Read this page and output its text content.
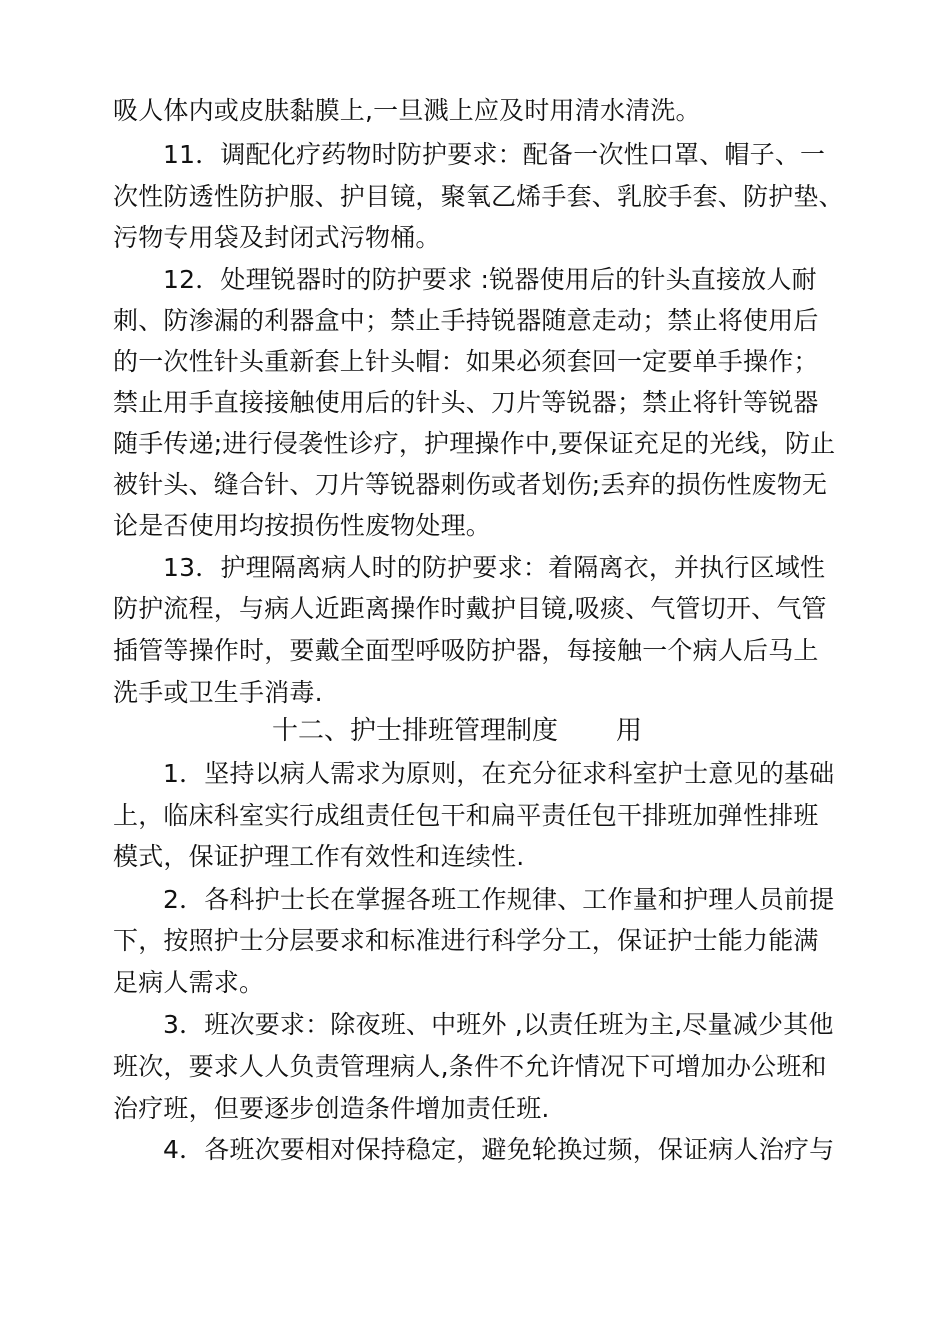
吸人体内或皮肤黏膜上,一旦溅上应及时用清水清洗。
11．调配化疗药物时防护要求：配备一次性口罩、帽子、一
次性防透性防护服、护目镜，聚氧乙烯手套、乳胶手套、防护垫、
污物专用袋及封闭式污物桶。
12．处理锐器时的防护要求 :锐器使用后的针头直接放人耐
刺、防渗漏的利器盒中；禁止手持锐器随意走动；禁止将使用后
的一次性针头重新套上针头帽：如果必须套回一定要单手操作；
禁止用手直接接触使用后的针头、刀片等锐器；禁止将针等锐器
随手传递;进行侵袭性诊疗，护理操作中,要保证充足的光线，防止
被针头、缝合针、刀片等锐器刺伤或者划伤;丢弃的损伤性废物无
论是否使用均按损伤性废物处理。
13．护理隔离病人时的防护要求：着隔离衣，并执行区域性
防护流程，与病人近距离操作时戴护目镜,吸痰、气管切开、气管
插管等操作时，要戴全面型呼吸防护器，每接触一个病人后马上
洗手或卫生手消毒.
十二、护士排班管理制度 用
1．坚持以病人需求为原则，在充分征求科室护士意见的基础
上，临床科室实行成组责任包干和扁平责任包干排班加弹性排班
模式，保证护理工作有效性和连续性.
2．各科护士长在掌握各班工作规律、工作量和护理人员前提
下，按照护士分层要求和标准进行科学分工，保证护士能力能满
足病人需求。
3．班次要求：除夜班、中班外 ,以责任班为主,尽量减少其他
班次，要求人人负责管理病人,条件不允许情况下可增加办公班和
治疗班，但要逐步创造条件增加责任班.
4．各班次要相对保持稳定，避免轮换过频，保证病人治疗与
